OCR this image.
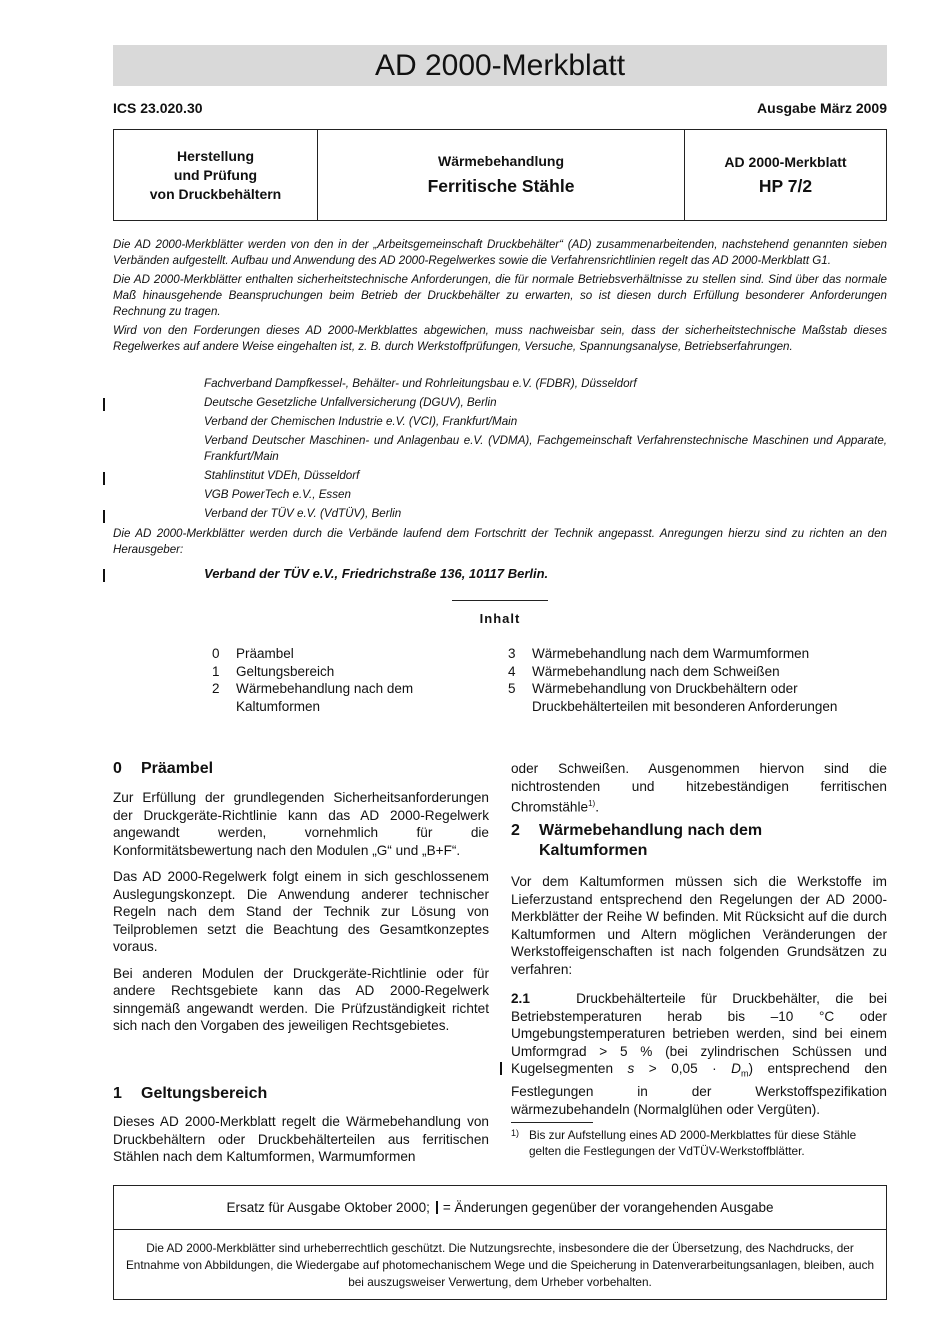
AD 2000-Merkblatt
ICS 23.020.30	Ausgabe März 2009
Herstellung
und Prüfung
von Druckbehältern
Wärmebehandlung
Ferritische Stähle
AD 2000-Merkblatt
HP 7/2

Die AD 2000-Merkblätter werden von den in der „Arbeitsgemeinschaft Druckbehälter“ (AD) zusammenarbeitenden, nachstehend genannten sieben Verbänden aufgestellt. Aufbau und Anwendung des AD 2000-Regelwerkes sowie die Verfahrensrichtlinien regelt das AD 2000-Merkblatt G1.

Die AD 2000-Merkblätter enthalten sicherheitstechnische Anforderungen, die für normale Betriebsverhältnisse zu stellen sind. Sind über das normale Maß hinausgehende Beanspruchungen beim Betrieb der Druckbehälter zu erwarten, so ist diesen durch Erfüllung besonderer Anforderungen Rechnung zu tragen.

Wird von den Forderungen dieses AD 2000-Merkblattes abgewichen, muss nachweisbar sein, dass der sicherheitstechnische Maßstab dieses Regelwerkes auf andere Weise eingehalten ist, z. B. durch Werkstoffprüfungen, Versuche, Spannungsanalyse, Betriebserfahrungen.

Fachverband Dampfkessel-, Behälter- und Rohrleitungsbau e.V. (FDBR), Düsseldorf
Deutsche Gesetzliche Unfallversicherung (DGUV), Berlin
Verband der Chemischen Industrie e.V. (VCI), Frankfurt/Main
Verband Deutscher Maschinen- und Anlagenbau e.V. (VDMA), Fachgemeinschaft Verfahrenstechnische Maschinen und Apparate, Frankfurt/Main
Stahlinstitut VDEh, Düsseldorf
VGB PowerTech e.V., Essen
Verband der TÜV e.V. (VdTÜV), Berlin
Die AD 2000-Merkblätter werden durch die Verbände laufend dem Fortschritt der Technik angepasst. Anregungen hierzu sind zu richten an den Herausgeber:
Verband der TÜV e.V., Friedrichstraße 136, 10117 Berlin.
Inhalt
0	Präambel
1	Geltungsbereich
2	Wärmebehandlung nach dem Kaltumformen
3	Wärmebehandlung nach dem Warmumformen
4	Wärmebehandlung nach dem Schweißen
5	Wärmebehandlung von Druckbehältern oder Druckbehälterteilen mit besonderen Anforderungen
0	Präambel

Zur Erfüllung der grundlegenden Sicherheitsanforderungen der Druckgeräte-Richtlinie kann das AD 2000-Regelwerk angewandt werden, vornehmlich für die Konformitätsbewertung nach den Modulen „G“ und „B+F“.

Das AD 2000-Regelwerk folgt einem in sich geschlossenem Auslegungskonzept. Die Anwendung anderer technischer Regeln nach dem Stand der Technik zur Lösung von Teilproblemen setzt die Beachtung des Gesamtkonzeptes voraus.

Bei anderen Modulen der Druckgeräte-Richtlinie oder für andere Rechtsgebiete kann das AD 2000-Regelwerk sinngemäß angewandt werden. Die Prüfzuständigkeit richtet sich nach den Vorgaben des jeweiligen Rechtsgebietes.

1	Geltungsbereich

Dieses AD 2000-Merkblatt regelt die Wärmebehandlung von Druckbehältern oder Druckbehälterteilen aus ferritischen Stählen nach dem Kaltumformen, Warmumformen

oder Schweißen. Ausgenommen hiervon sind die nichtrostenden und hitzebeständigen ferritischen Chromstähle$^{1)}$.

2	Wärmebehandlung nach dem
Kaltumformen

Vor dem Kaltumformen müssen sich die Werkstoffe im Lieferzustand entsprechend den Regelungen der AD 2000-Merkblätter der Reihe W befinden. Mit Rücksicht auf die durch Kaltumformen und Altern möglichen Veränderungen der Werkstoffeigenschaften ist nach folgenden Grundsätzen zu verfahren:

2.1	Druckbehälterteile für Druckbehälter, die bei Betriebstemperaturen herab bis –10 °C oder Umgebungstemperaturen betrieben werden, sind bei einem Umformgrad > 5 % (bei zylindrischen Schüssen und Kugelsegmenten $s > 0,05 \cdot D_m$) entsprechend den Festlegungen in der Werkstoffspezifikation wärmezubehandeln (Normalglühen oder Vergüten).

1) Bis zur Aufstellung eines AD 2000-Merkblattes für diese Stähle gelten die Festlegungen der VdTÜV-Werkstoffblätter.
Ersatz für Ausgabe Oktober 2000; = Änderungen gegenüber der vorangehenden Ausgabe
Die AD 2000-Merkblätter sind urheberrechtlich geschützt. Die Nutzungsrechte, insbesondere die der Übersetzung, des Nachdrucks, der Entnahme von Abbildungen, die Wiedergabe auf photomechanischem Wege und die Speicherung in Datenverarbeitungsanlagen, bleiben, auch bei auszugsweiser Verwertung, dem Urheber vorbehalten.
